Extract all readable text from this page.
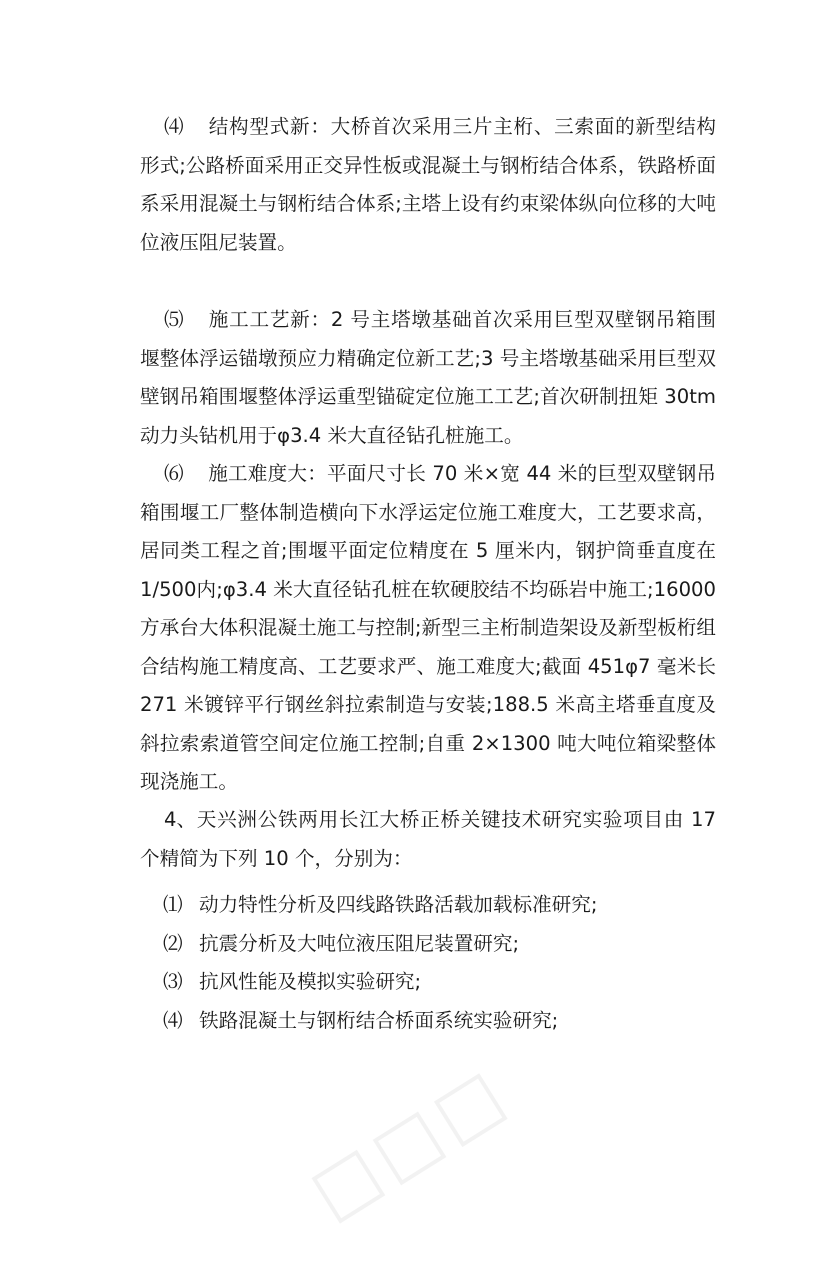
□□□

⑷ 结构型式新：大桥首次采用三片主桁、三索面的新型结构形式;公路桥面采用正交异性板或混凝土与钢桁结合体系，铁路桥面系采用混凝土与钢桁结合体系;主塔上设有约束梁体纵向位移的大吨位液压阻尼装置。

⑸ 施工工艺新：2 号主塔墩基础首次采用巨型双壁钢吊箱围堰整体浮运锚墩预应力精确定位新工艺;3 号主塔墩基础采用巨型双壁钢吊箱围堰整体浮运重型锚碇定位施工工艺;首次研制扭矩 30tm 动力头钻机用于φ3.4 米大直径钻孔桩施工。

⑹ 施工难度大：平面尺寸长 70 米×宽 44 米的巨型双壁钢吊箱围堰工厂整体制造横向下水浮运定位施工难度大，工艺要求高，居同类工程之首;围堰平面定位精度在 5 厘米内，钢护筒垂直度在 1/500内;φ3.4 米大直径钻孔桩在软硬胶结不均砾岩中施工;16000 方承台大体积混凝土施工与控制;新型三主桁制造架设及新型板桁组合结构施工精度高、工艺要求严、施工难度大;截面 451φ7 毫米长 271 米镀锌平行钢丝斜拉索制造与安装;188.5 米高主塔垂直度及斜拉索索道管空间定位施工控制;自重 2×1300 吨大吨位箱梁整体现浇施工。

4、天兴洲公铁两用长江大桥正桥关键技术研究实验项目由 17 个精简为下列 10 个，分别为：

⑴ 动力特性分析及四线路铁路活载加载标准研究;
⑵ 抗震分析及大吨位液压阻尼装置研究;
⑶ 抗风性能及模拟实验研究;
⑷ 铁路混凝土与钢桁结合桥面系统实验研究;
